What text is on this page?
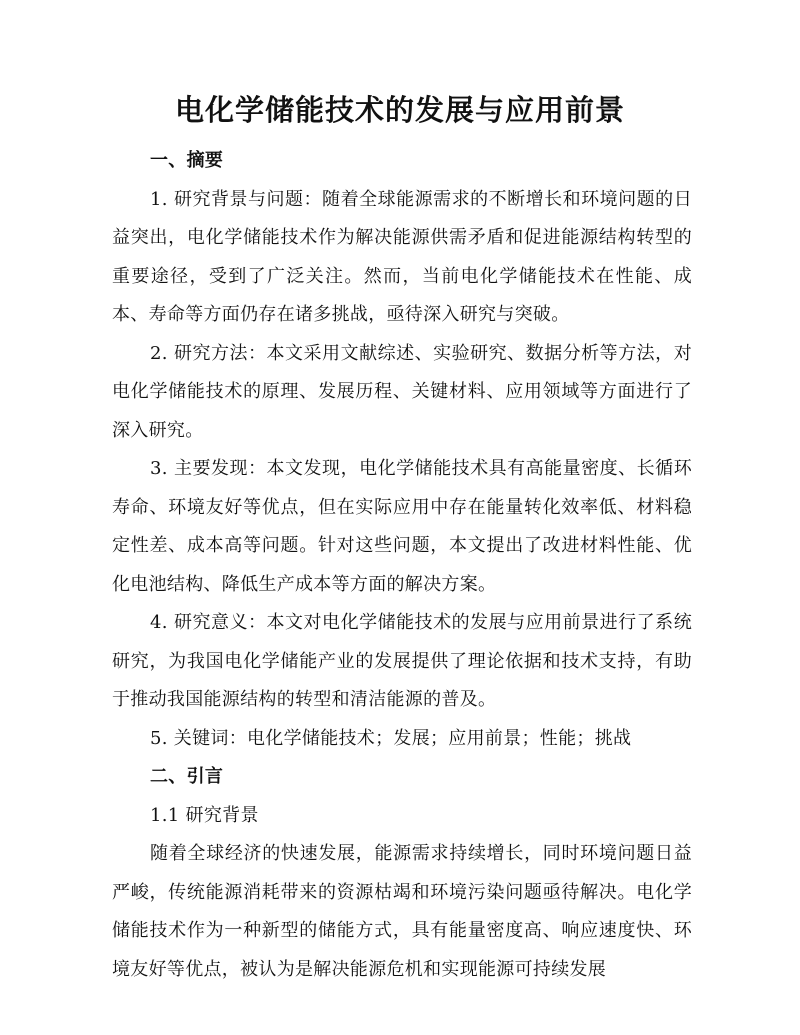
电化学储能技术的发展与应用前景

一、摘要

1. 研究背景与问题：随着全球能源需求的不断增长和环境问题的日益突出，电化学储能技术作为解决能源供需矛盾和促进能源结构转型的重要途径，受到了广泛关注。然而，当前电化学储能技术在性能、成本、寿命等方面仍存在诸多挑战，亟待深入研究与突破。

2. 研究方法：本文采用文献综述、实验研究、数据分析等方法，对电化学储能技术的原理、发展历程、关键材料、应用领域等方面进行了深入研究。

3. 主要发现：本文发现，电化学储能技术具有高能量密度、长循环寿命、环境友好等优点，但在实际应用中存在能量转化效率低、材料稳定性差、成本高等问题。针对这些问题，本文提出了改进材料性能、优化电池结构、降低生产成本等方面的解决方案。

4. 研究意义：本文对电化学储能技术的发展与应用前景进行了系统研究，为我国电化学储能产业的发展提供了理论依据和技术支持，有助于推动我国能源结构的转型和清洁能源的普及。

5. 关键词：电化学储能技术；发展；应用前景；性能；挑战

二、引言

1.1 研究背景

随着全球经济的快速发展，能源需求持续增长，同时环境问题日益严峻，传统能源消耗带来的资源枯竭和环境污染问题亟待解决。电化学储能技术作为一种新型的储能方式，具有能量密度高、响应速度快、环境友好等优点，被认为是解决能源危机和实现能源可持续发展
